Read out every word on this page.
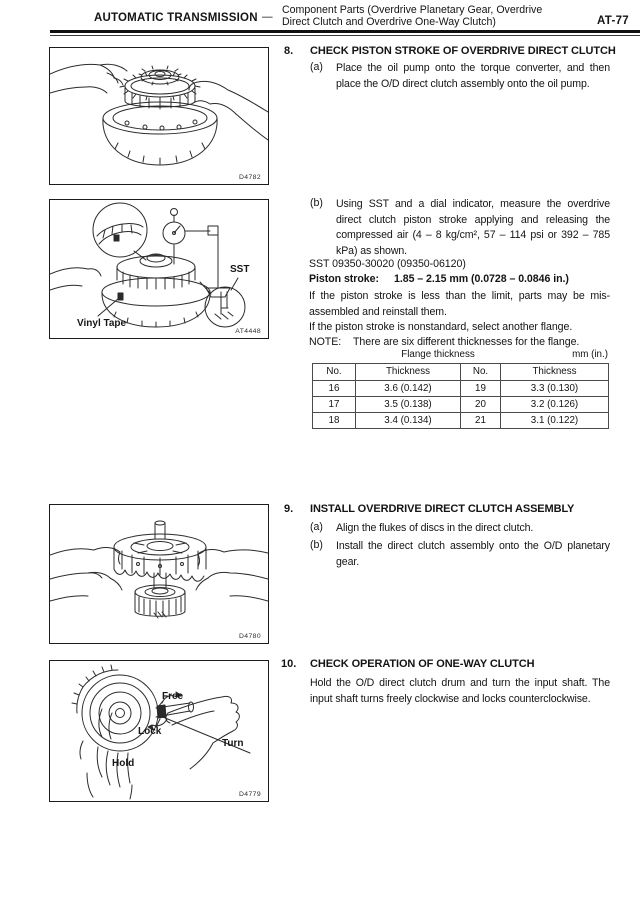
AUTOMATIC TRANSMISSION —
Component Parts (Overdrive Planetary Gear, Overdrive
Direct Clutch and Overdrive One-Way Clutch)	AT-77
D4782
SST
Vinyl Tape
AT4448
D4780
Free
Lock
Turn
Hold
D4779
8. CHECK PISTON STROKE OF OVERDRIVE DIRECT CLUTCH
(a) Place the oil pump onto the torque converter, and then place the O/D direct clutch assembly onto the oil pump.
(b) Using SST and a dial indicator, measure the overdrive direct clutch piston stroke applying and releasing the compressed air (4 – 8 kg/cm², 57 – 114 psi or 392 – 785 kPa) as shown.
SST 09350-30020 (09350-06120)
Piston stroke: 1.85 – 2.15 mm (0.0728 – 0.0846 in.)
If the piston stroke is less than the limit, parts may be mis-assembled and reinstall them.
If the piston stroke is nonstandard, select another flange.
NOTE: There are six different thicknesses for the flange.
Flange thickness	mm (in.)
No.	Thickness	No.	Thickness
16	3.6 (0.142)	19	3.3 (0.130)
17	3.5 (0.138)	20	3.2 (0.126)
18	3.4 (0.134)	21	3.1 (0.122)
9. INSTALL OVERDRIVE DIRECT CLUTCH ASSEMBLY
(a) Align the flukes of discs in the direct clutch.
(b) Install the direct clutch assembly onto the O/D planetary gear.
10. CHECK OPERATION OF ONE-WAY CLUTCH
Hold the O/D direct clutch drum and turn the input shaft. The input shaft turns freely clockwise and locks counterclockwise.
